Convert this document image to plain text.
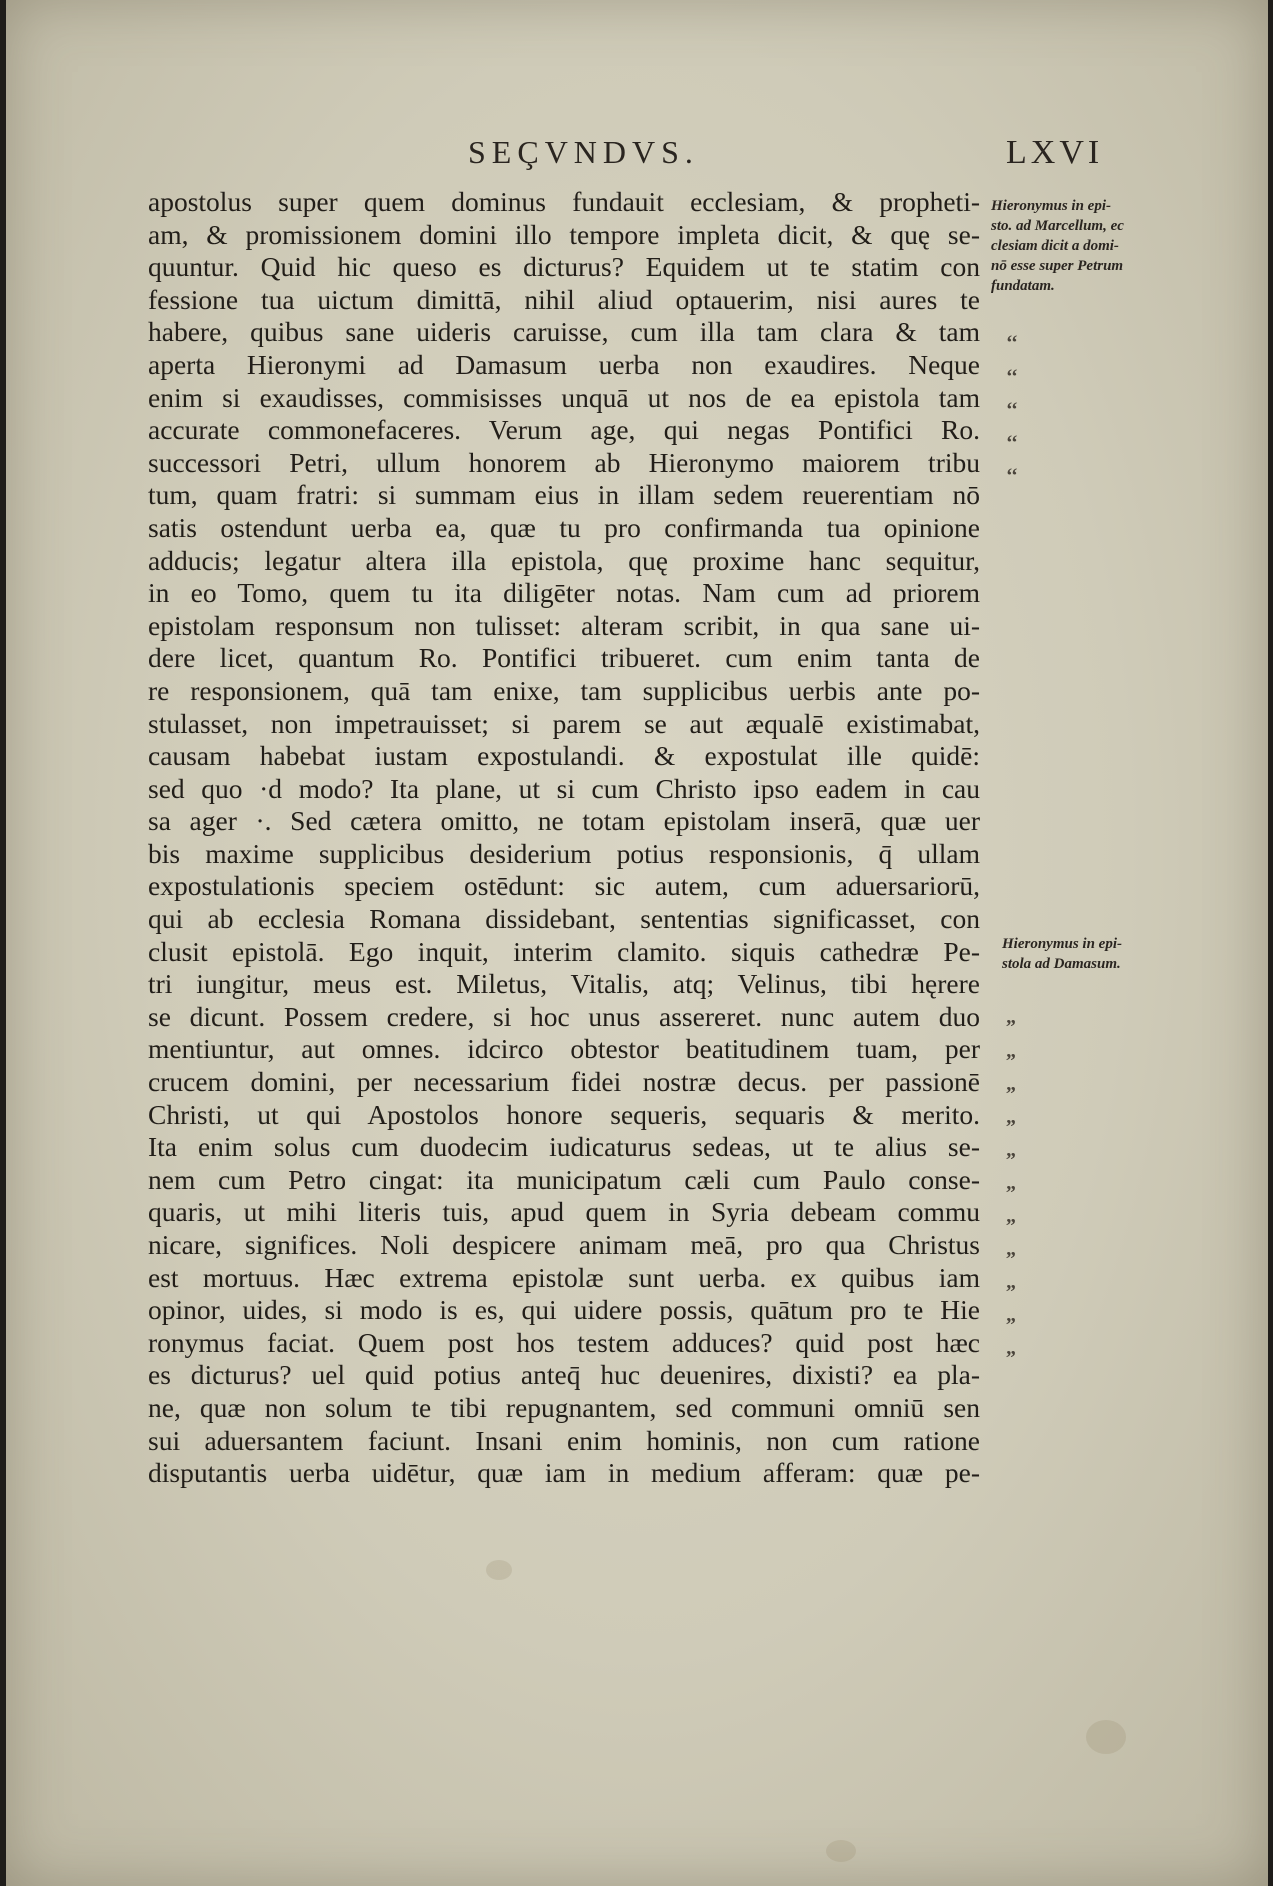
SEÇVNDVS.	LXVI
apostolus super quem dominus fundauit ecclesiam, & propheti-
am, & promissionem domini illo tempore impleta dicit, & quę se-
quuntur. Quid hic queso es dicturus? Equidem ut te statim con
fessione tua uictum dimittā, nihil aliud optauerim, nisi aures te
habere, quibus sane uideris caruisse, cum illa tam clara & tam
aperta Hieronymi ad Damasum uerba non exaudires. Neque
enim si exaudisses, commisisses unquā ut nos de ea epistola tam
accurate commonefaceres. Verum age, qui negas Pontifici Ro.
successori Petri, ullum honorem ab Hieronymo maiorem tribu
tum, quam fratri: si summam eius in illam sedem reuerentiam nō
satis ostendunt uerba ea, quæ tu pro confirmanda tua opinione
adducis; legatur altera illa epistola, quę proxime hanc sequitur,
in eo Tomo, quem tu ita diligēter notas. Nam cum ad priorem
epistolam responsum non tulisset: alteram scribit, in qua sane ui-
dere licet, quantum Ro. Pontifici tribueret. cum enim tanta de
re responsionem, quā tam enixe, tam supplicibus uerbis ante po-
stulasset, non impetrauisset; si parem se aut æqualē existimabat,
causam habebat iustam expostulandi. & expostulat ille quidē:
sed quo ·d modo? Ita plane, ut si cum Christo ipso eadem in cau
sa ager ·. Sed cætera omitto, ne totam epistolam inserā, quæ uer
bis maxime supplicibus desiderium potius responsionis, q̄ ullam
expostulationis speciem ostēdunt: sic autem, cum aduersariorū,
qui ab ecclesia Romana dissidebant, sententias significasset, con
clusit epistolā. Ego inquit, interim clamito. siquis cathedræ Pe-
tri iungitur, meus est. Miletus, Vitalis, atq; Velinus, tibi hęrere
se dicunt. Possem credere, si hoc unus assereret. nunc autem duo
mentiuntur, aut omnes. idcirco obtestor beatitudinem tuam, per
crucem domini, per necessarium fidei nostræ decus. per passionē
Christi, ut qui Apostolos honore sequeris, sequaris & merito.
Ita enim solus cum duodecim iudicaturus sedeas, ut te alius se-
nem cum Petro cingat: ita municipatum cæli cum Paulo conse-
quaris, ut mihi literis tuis, apud quem in Syria debeam commu
nicare, significes. Noli despicere animam meā, pro qua Christus
est mortuus. Hæc extrema epistolæ sunt uerba. ex quibus iam
opinor, uides, si modo is es, qui uidere possis, quātum pro te Hie
ronymus faciat. Quem post hos testem adduces? quid post hæc
es dicturus? uel quid potius anteq̄ huc deuenires, dixisti? ea pla-
ne, quæ non solum te tibi repugnantem, sed communi omniū sen
sui aduersantem faciunt. Insani enim hominis, non cum ratione
disputantis uerba uidētur, quæ iam in medium afferam: quæ pe-
Hieronymus in epi-
sto. ad Marcellum, ec
clesiam dicit a domi-
nō esse super Petrum
fundatam.
Hieronymus in epi-
stola ad Damasum.
‘‘
‘‘
‘‘
‘‘
‘‘
„
„
„
„
„
„
„
„
„
„
„
